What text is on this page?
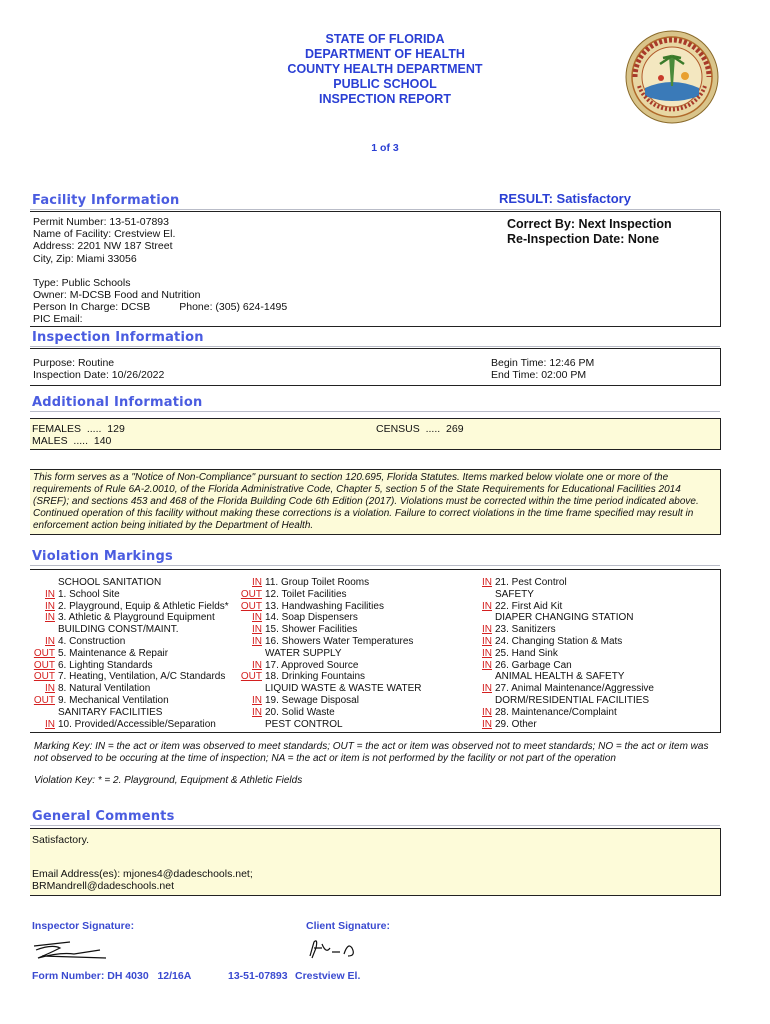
STATE OF FLORIDA
DEPARTMENT OF HEALTH
COUNTY HEALTH DEPARTMENT
PUBLIC SCHOOL
INSPECTION REPORT
1 of 3
Facility Information	RESULT: Satisfactory
Permit Number: 13-51-07893
Name of Facility: Crestview El.
Address: 2201 NW 187 Street
City, Zip: Miami 33056
Type: Public Schools
Owner: M-DCSB Food and Nutrition
Person In Charge: DCSB	Phone: (305) 624-1495
PIC Email:
Correct By: Next Inspection
Re-Inspection Date: None
Inspection Information
Purpose: Routine
Inspection Date: 10/26/2022
Begin Time: 12:46 PM
End Time: 02:00 PM
Additional Information
FEMALES  .....  129
MALES  .....  140
CENSUS  .....  269
This form serves as a "Notice of Non-Compliance" pursuant to section 120.695, Florida Statutes. Items marked below violate one or more of the requirements of Rule 6A-2.0010, of the Florida Administrative Code, Chapter 5, section 5 of the State Requirements for Educational Facilities 2014 (SREF); and sections 453 and 468 of the Florida Building Code 6th Edition (2017). Violations must be corrected within the time period indicated above. Continued operation of this facility without making these corrections is a violation. Failure to correct violations in the time frame specified may result in enforcement action being initiated by the Department of Health.
Violation Markings
SCHOOL SANITATION
IN 1. School Site
IN 2. Playground, Equip & Athletic Fields*
IN 3. Athletic & Playground Equipment
BUILDING CONST/MAINT.
IN 4. Construction
OUT 5. Maintenance & Repair
OUT 6. Lighting Standards
OUT 7. Heating, Ventilation, A/C Standards
IN 8. Natural Ventilation
OUT 9. Mechanical Ventilation
SANITARY FACILITIES
IN 10. Provided/Accessible/Separation
IN 11. Group Toilet Rooms
OUT 12. Toilet Facilities
OUT 13. Handwashing Facilities
IN 14. Soap Dispensers
IN 15. Shower Facilities
IN 16. Showers Water Temperatures
WATER SUPPLY
IN 17. Approved Source
OUT 18. Drinking Fountains
LIQUID WASTE & WASTE WATER
IN 19. Sewage Disposal
IN 20. Solid Waste
PEST CONTROL
IN 21. Pest Control
SAFETY
IN 22. First Aid Kit
DIAPER CHANGING STATION
IN 23. Sanitizers
IN 24. Changing Station & Mats
IN 25. Hand Sink
IN 26. Garbage Can
ANIMAL HEALTH & SAFETY
IN 27. Animal Maintenance/Aggressive
DORM/RESIDENTIAL FACILITIES
IN 28. Maintenance/Complaint
IN 29. Other
Marking Key: IN = the act or item was observed to meet standards; OUT = the act or item was observed not to meet standards; NO = the act or item was not observed to be occuring at the time of inspection; NA = the act or item is not performed by the facility or not part of the operation
Violation Key: * = 2. Playground, Equipment & Athletic Fields
General Comments
Satisfactory.
Email Address(es): mjones4@dadeschools.net;
BRMandrell@dadeschools.net
Inspector Signature:	Client Signature:
Form Number: DH 4030   12/16A	13-51-07893 Crestview El.
